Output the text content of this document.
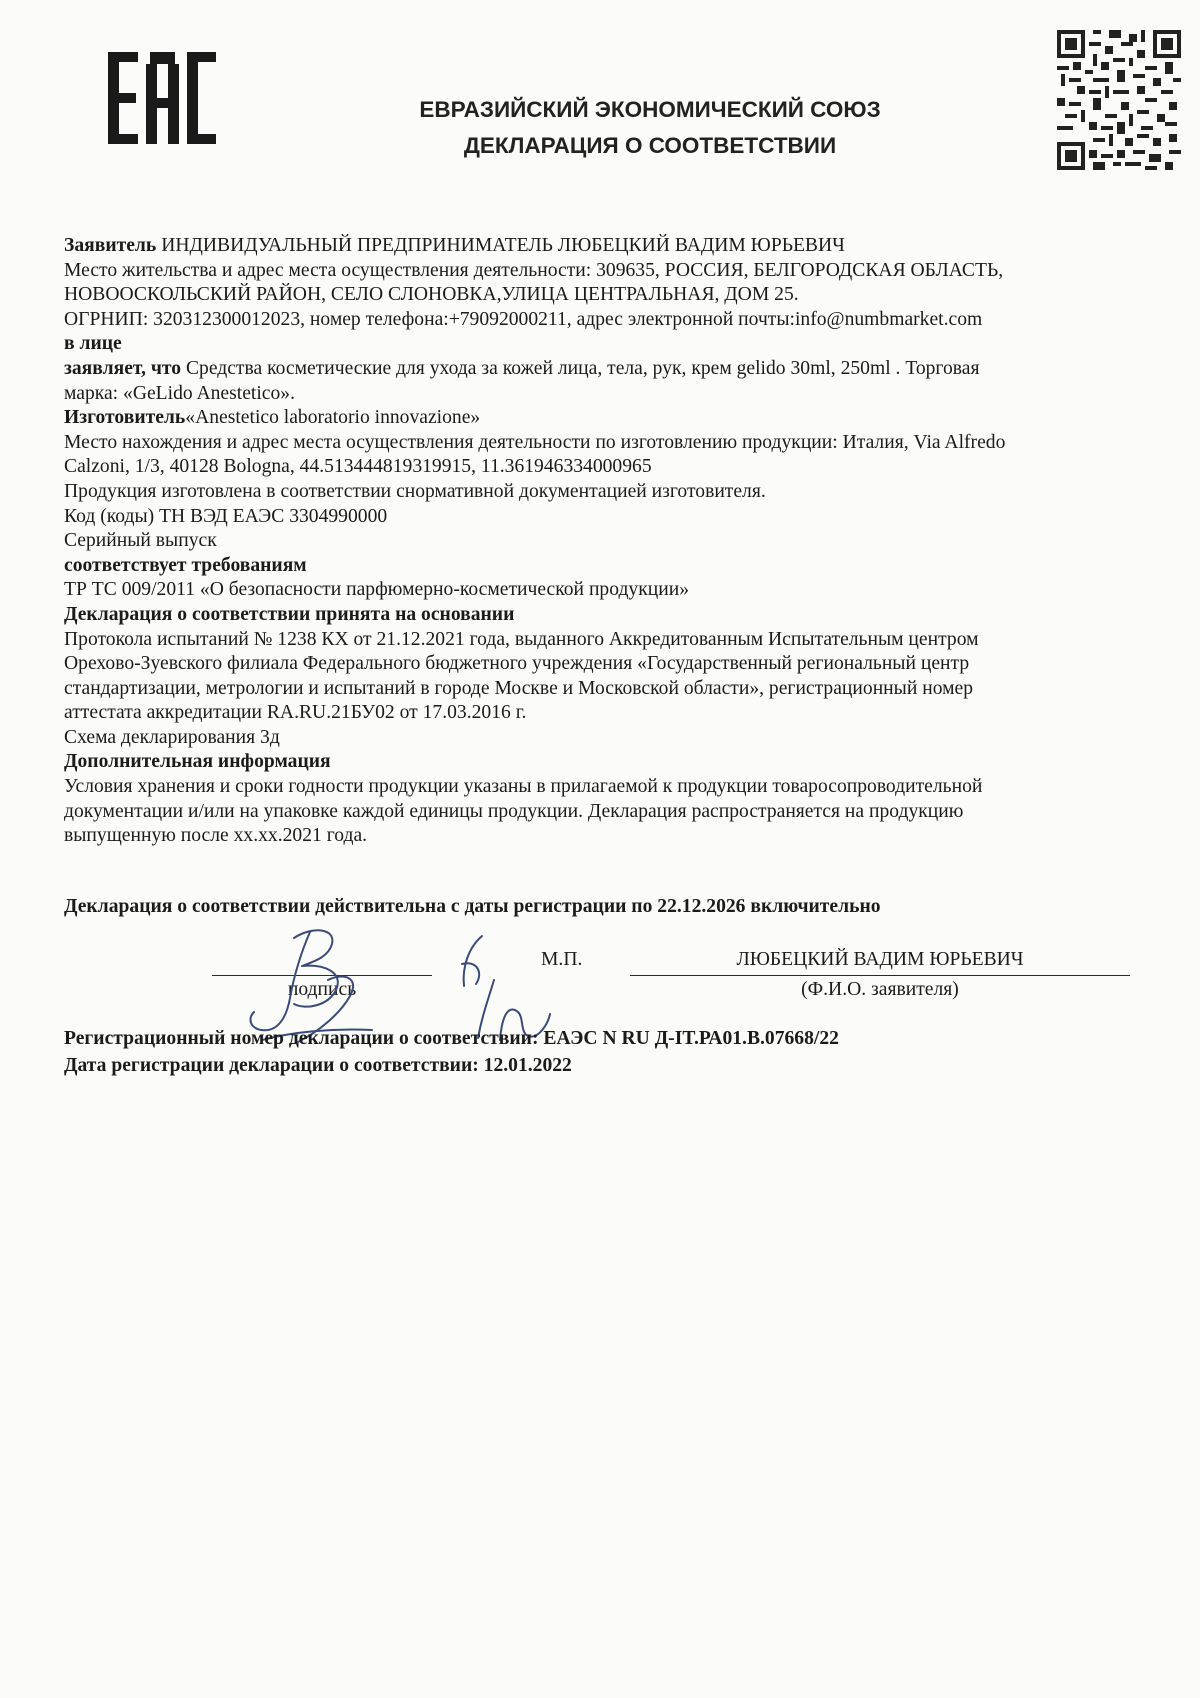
ЕВРАЗИЙСКИЙ ЭКОНОМИЧЕСКИЙ СОЮЗ
ДЕКЛАРАЦИЯ О СООТВЕТСТВИИ

Заявитель ИНДИВИДУАЛЬНЫЙ ПРЕДПРИНИМАТЕЛЬ ЛЮБЕЦКИЙ ВАДИМ ЮРЬЕВИЧ

Место жительства и адрес места осуществления деятельности: 309635, РОССИЯ, БЕЛГОРОДСКАЯ ОБЛАСТЬ,

НОВООСКОЛЬСКИЙ РАЙОН, СЕЛО СЛОНОВКА,УЛИЦА ЦЕНТРАЛЬНАЯ, ДОМ 25.

ОГРНИП: 320312300012023, номер телефона:+79092000211, адрес электронной почты:info@numbmarket.com

в лице

заявляет, что Средства косметические для ухода за кожей лица, тела, рук, крем gelido 30ml, 250ml . Торговая

марка: «GeLido Anestetico».

Изготовитель«Anestetico laboratorio innovazione»

Место нахождения и адрес места осуществления деятельности по изготовлению продукции: Италия, Via Alfredo

Calzoni, 1/3, 40128 Bologna, 44.513444819319915, 11.361946334000965

Продукция изготовлена в соответствии снормативной документацией изготовителя.

Код (коды) ТН ВЭД ЕАЭС 3304990000

Серийный выпуск

соответствует требованиям

ТР ТС 009/2011 «О безопасности парфюмерно-косметической продукции»

Декларация о соответствии принята на основании

Протокола испытаний № 1238 КХ от 21.12.2021 года, выданного Аккредитованным Испытательным центром

Орехово-Зуевского филиала Федерального бюджетного учреждения «Государственный региональный центр

стандартизации, метрологии и испытаний в городе Москве и Московской области», регистрационный номер

аттестата аккредитации RA.RU.21БУ02 от 17.03.2016 г.

Схема декларирования 3д

Дополнительная информация

Условия хранения и сроки годности продукции указаны в прилагаемой к продукции товаросопроводительной

документации и/или на упаковке каждой единицы продукции. Декларация распространяется на продукцию

выпущенную после хх.хх.2021 года.

Декларация о соответствии действительна с даты регистрации по 22.12.2026 включительно
подпись
М.П.	ЛЮБЕЦКИЙ ВАДИМ ЮРЬЕВИЧ
(Ф.И.О. заявителя)
Регистрационный номер декларации о соответствии: ЕАЭС N RU Д-IT.РА01.В.07668/22
Дата регистрации декларации о соответствии: 12.01.2022
